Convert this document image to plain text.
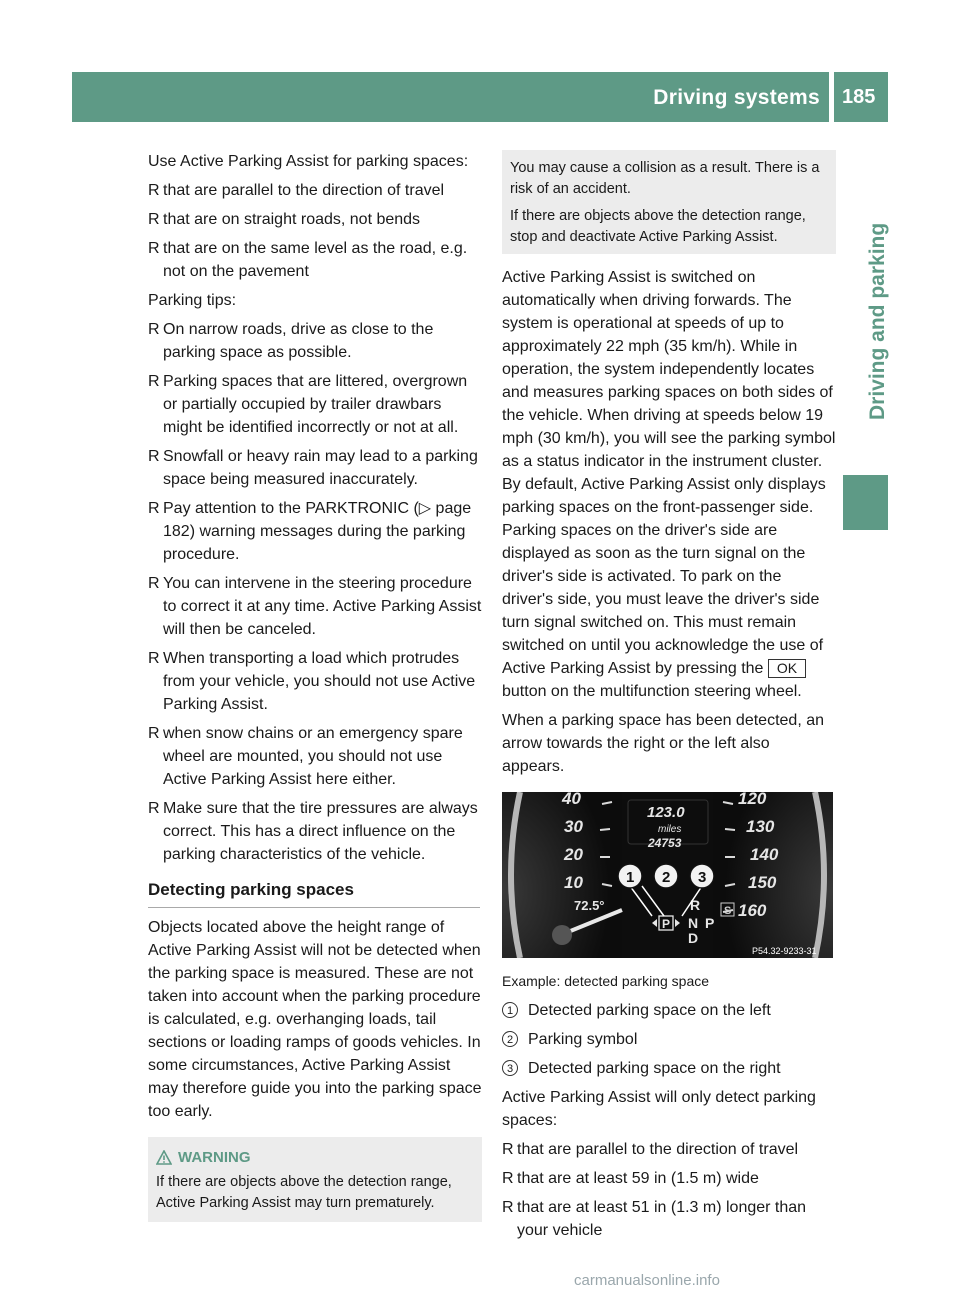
Driving systems 185
Driving and parking

Use Active Parking Assist for parking spaces:

R that are parallel to the direction of travel
R that are on straight roads, not bends
R that are on the same level as the road, e.g. not on the pavement

Parking tips:

R On narrow roads, drive as close to the parking space as possible.
R Parking spaces that are littered, overgrown or partially occupied by trailer drawbars might be identified incorrectly or not at all.
R Snowfall or heavy rain may lead to a parking space being measured inaccurately.
R Pay attention to the PARKTRONIC (▷ page 182) warning messages during the parking procedure.
R You can intervene in the steering procedure to correct it at any time. Active Parking Assist will then be canceled.
R When transporting a load which protrudes from your vehicle, you should not use Active Parking Assist.
R when snow chains or an emergency spare wheel are mounted, you should not use Active Parking Assist here either.
R Make sure that the tire pressures are always correct. This has a direct influence on the parking characteristics of the vehicle.
Detecting parking spaces

Objects located above the height range of Active Parking Assist will not be detected when the parking space is measured. These are not taken into account when the parking procedure is calculated, e.g. overhanging loads, tail sections or loading ramps of goods vehicles. In some circumstances, Active Parking Assist may therefore guide you into the parking space too early.

WARNING
If there are objects above the detection range, Active Parking Assist may turn prematurely.

You may cause a collision as a result. There is a risk of an accident.

If there are objects above the detection range, stop and deactivate Active Parking Assist.

Active Parking Assist is switched on automatically when driving forwards. The system is operational at speeds of up to approximately 22 mph (35 km/h). While in operation, the system independently locates and measures parking spaces on both sides of the vehicle. When driving at speeds below 19 mph (30 km/h), you will see the parking symbol as a status indicator in the instrument cluster. By default, Active Parking Assist only displays parking spaces on the front-passenger side. Parking spaces on the driver's side are displayed as soon as the turn signal on the driver's side is activated. To park on the driver's side, you must leave the driver's side turn signal switched on. This must remain switched on until you acknowledge the use of Active Parking Assist by pressing the OK button on the multifunction steering wheel.

When a parking space has been detected, an arrow towards the right or the left also appears.

40
30
20
10
120
130
140
150
160
123.0
miles
24753
72.5°	R
N P
D
P
S
1 2 3
P54.32-9233-31

Example: detected parking space

1 Detected parking space on the left
2 Parking symbol
3 Detected parking space on the right

Active Parking Assist will only detect parking spaces:

R that are parallel to the direction of travel
R that are at least 59 in (1.5 m) wide
R that are at least 51 in (1.3 m) longer than your vehicle
carmanualsonline.info
